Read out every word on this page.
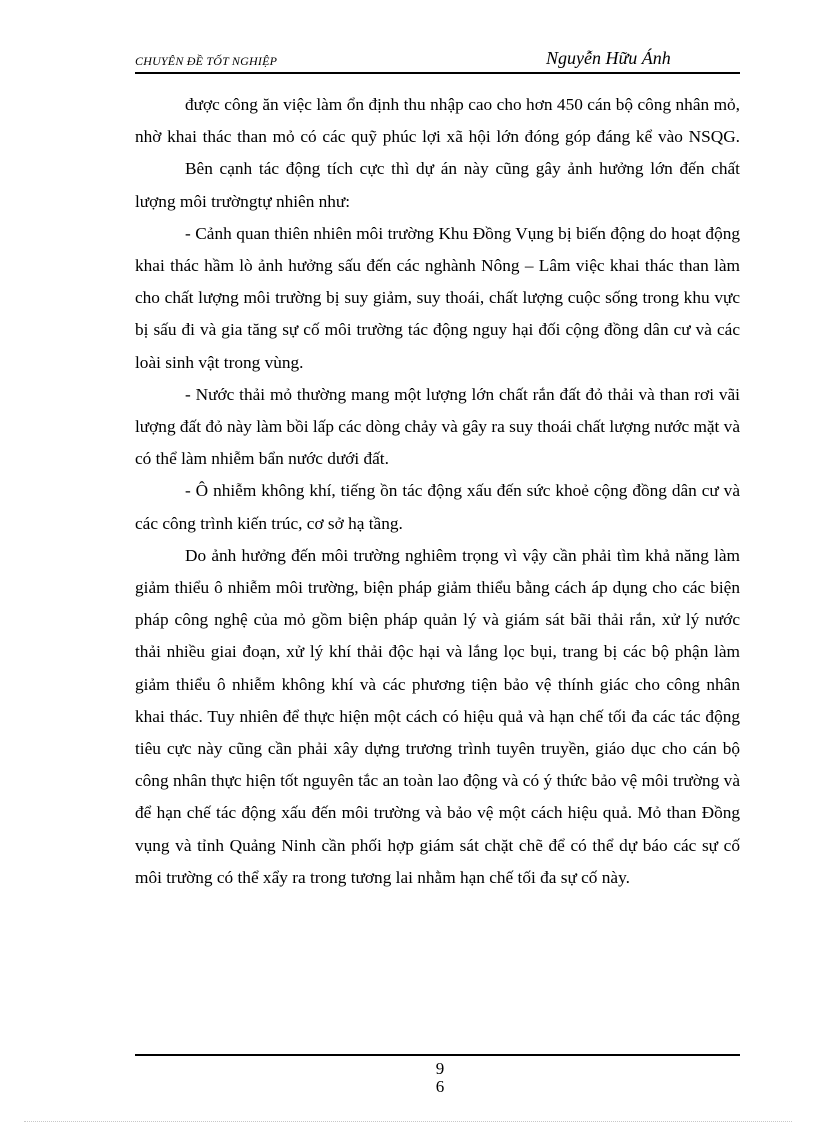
CHUYÊN ĐỀ TỐT NGHIỆP	Nguyễn Hữu Ánh

được công ăn việc làm ổn định thu nhập cao cho hơn 450 cán bộ công nhân mỏ, nhờ khai thác than mỏ có các quỹ phúc lợi xã hội lớn đóng góp đáng kể vào NSQG.

Bên cạnh tác động tích cực thì dự án này cũng gây ảnh hưởng lớn đến chất lượng môi trườngtự nhiên như:

- Cảnh quan thiên nhiên môi trường Khu Đồng Vụng bị biến động do hoạt động khai thác hầm lò ảnh hưởng sấu đến các nghành Nông – Lâm việc khai thác than làm cho chất lượng môi trường bị suy giảm, suy thoái, chất lượng cuộc sống trong khu vực bị sấu đi và gia tăng sự cố môi trường tác động nguy hại đối cộng đồng dân cư và các loài sinh vật trong vùng.

- Nước thải mỏ thường mang một lượng lớn chất rắn đất đỏ thải và than rơi vãi lượng đất đỏ này làm bồi lấp các dòng chảy và gây ra suy thoái chất lượng nước mặt và có thể làm nhiễm bẩn nước dưới đất.

- Ô nhiễm không khí, tiếng ồn tác động xấu đến sức khoẻ cộng đồng dân cư và các công trình kiến trúc, cơ sở hạ tầng.

Do ảnh hưởng đến môi trường nghiêm trọng vì vậy cần phải tìm khả năng làm giảm thiểu ô nhiễm môi trường, biện pháp giảm thiểu bằng cách áp dụng cho các biện pháp công nghệ của mỏ gồm biện pháp quản lý và giám sát bãi thải rắn, xử lý nước thải nhiều giai đoạn, xử lý khí thải độc hại và lắng lọc bụi, trang bị các bộ phận làm giảm thiểu ô nhiễm không khí và các phương tiện bảo vệ thính giác cho công nhân khai thác. Tuy nhiên để thực hiện một cách có hiệu quả và hạn chế tối đa các tác động tiêu cực này cũng cần phải xây dựng trương trình tuyên truyền, giáo dục cho cán bộ công nhân thực hiện tốt nguyên tắc an toàn lao động và có ý thức bảo vệ môi trường và để hạn chế tác động xấu đến môi trường và bảo vệ một cách hiệu quả. Mỏ than Đồng vụng và tỉnh Quảng Ninh cần phối hợp giám sát chặt chẽ để có thể dự báo các sự cố môi trường có thể xẩy ra trong tương lai nhằm hạn chế tối đa sự cố này.

9
6
